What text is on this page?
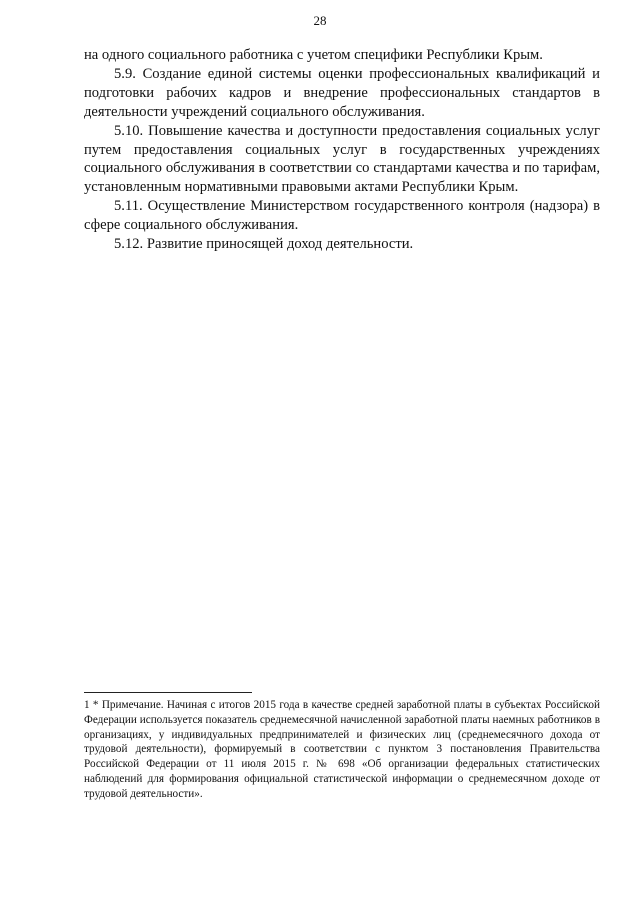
28

на одного социального работника с учетом специфики Республики Крым.

5.9. Создание единой системы оценки профессиональных квалификаций и подготовки рабочих кадров и внедрение профессиональных стандартов в деятельности учреждений социального обслуживания.

5.10. Повышение качества и доступности предоставления социальных услуг путем предоставления социальных услуг в государственных учреждениях социального обслуживания в соответствии со стандартами качества и по тарифам, установленным нормативными правовыми актами Республики Крым.

5.11. Осуществление Министерством государственного контроля (надзора) в сфере социального обслуживания.

5.12. Развитие приносящей доход деятельности.

1 * Примечание. Начиная с итогов 2015 года в качестве средней заработной платы в субъектах Российской Федерации используется показатель среднемесячной начисленной заработной платы наемных работников в организациях, у индивидуальных предпринимателей и физических лиц (среднемесячного дохода от трудовой деятельности), формируемый в соответствии с пунктом 3 постановления Правительства Российской Федерации от 11 июля 2015 г. № 698 «Об организации федеральных статистических наблюдений для формирования официальной статистической информации о среднемесячном доходе от трудовой деятельности».
